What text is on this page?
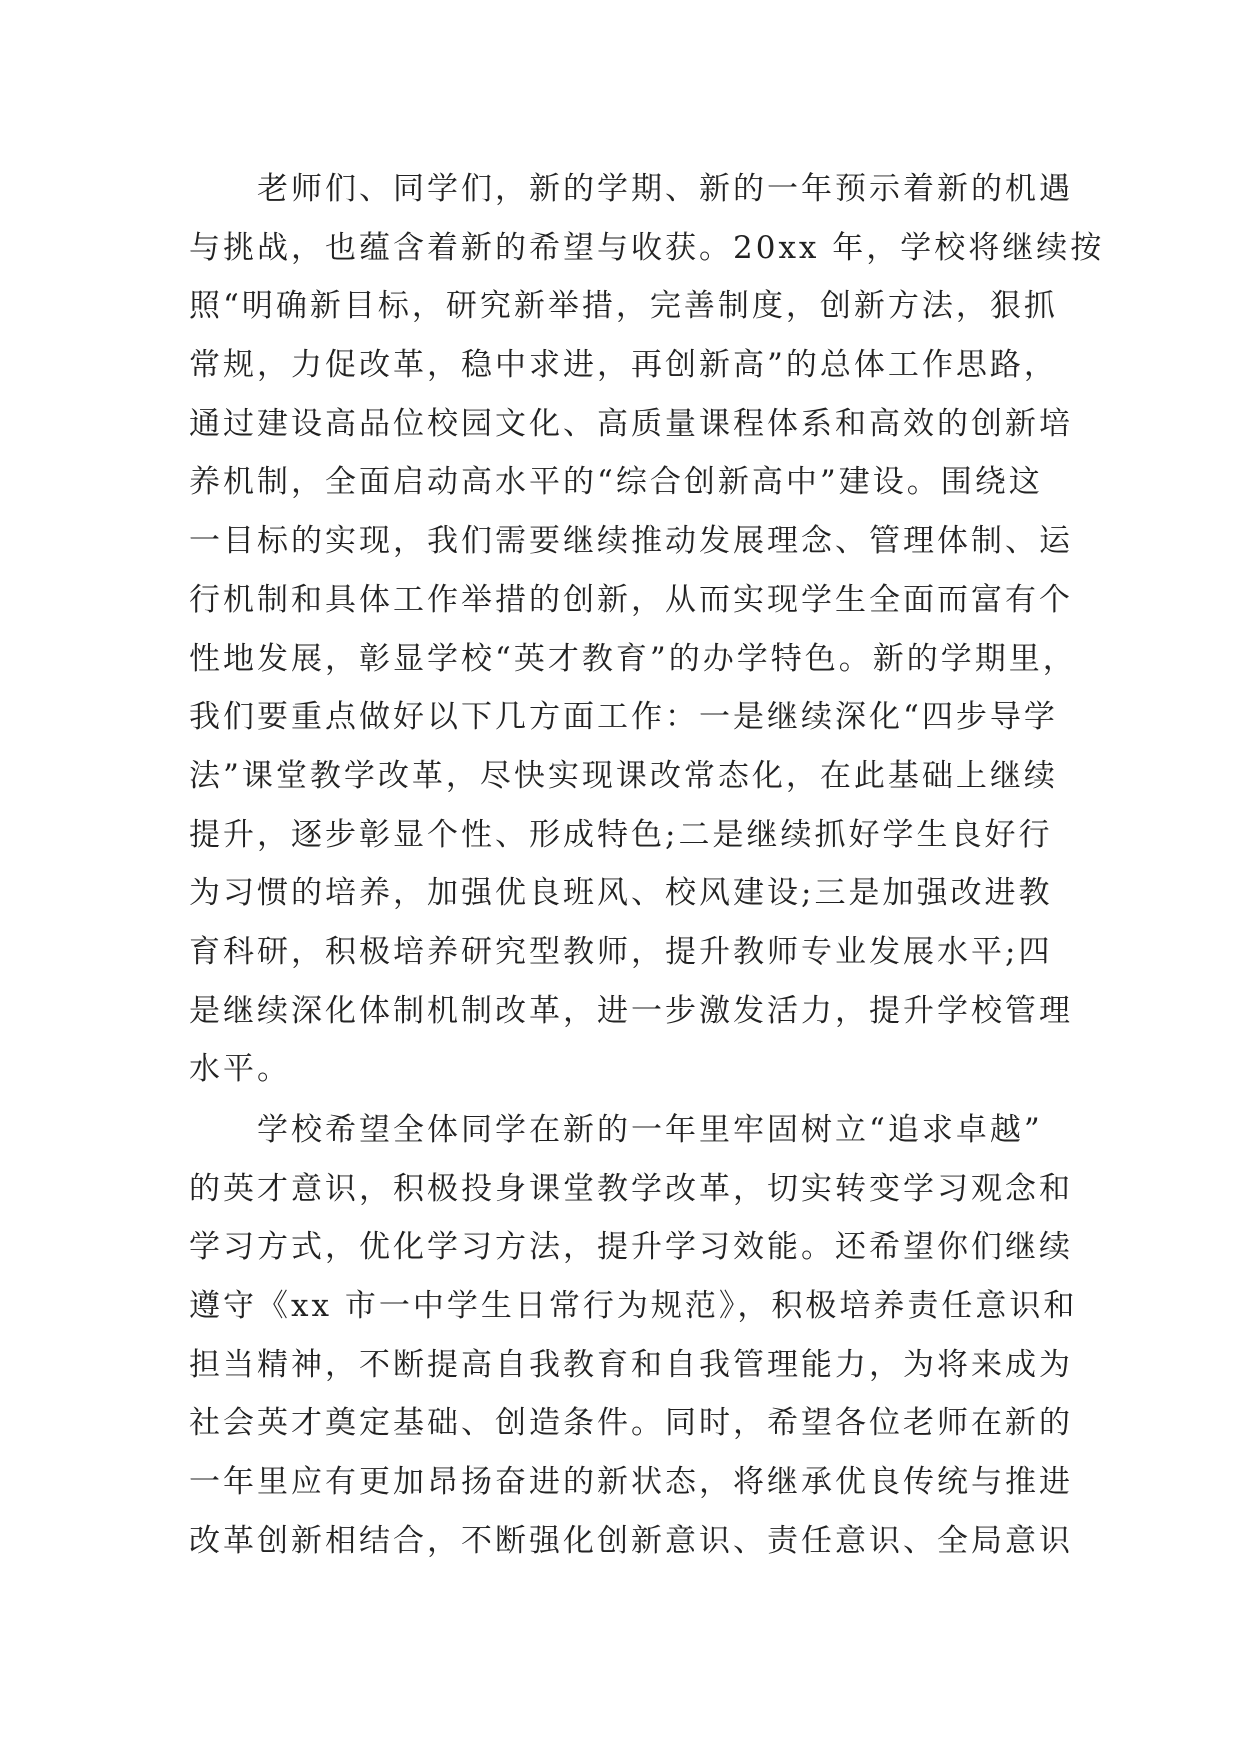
老师们、同学们，新的学期、新的一年预示着新的机遇
与挑战，也蕴含着新的希望与收获。20xx 年，学校将继续按
照“明确新目标，研究新举措，完善制度，创新方法，狠抓
常规，力促改革，稳中求进，再创新高”的总体工作思路，
通过建设高品位校园文化、高质量课程体系和高效的创新培
养机制，全面启动高水平的“综合创新高中”建设。围绕这
一目标的实现，我们需要继续推动发展理念、管理体制、运
行机制和具体工作举措的创新，从而实现学生全面而富有个
性地发展，彰显学校“英才教育”的办学特色。新的学期里，
我们要重点做好以下几方面工作：一是继续深化“四步导学
法”课堂教学改革，尽快实现课改常态化，在此基础上继续
提升，逐步彰显个性、形成特色;二是继续抓好学生良好行
为习惯的培养，加强优良班风、校风建设;三是加强改进教
育科研，积极培养研究型教师，提升教师专业发展水平;四
是继续深化体制机制改革，进一步激发活力，提升学校管理
水平。
学校希望全体同学在新的一年里牢固树立“追求卓越”
的英才意识，积极投身课堂教学改革，切实转变学习观念和
学习方式，优化学习方法，提升学习效能。还希望你们继续
遵守《xx 市一中学生日常行为规范》，积极培养责任意识和
担当精神，不断提高自我教育和自我管理能力，为将来成为
社会英才奠定基础、创造条件。同时，希望各位老师在新的
一年里应有更加昂扬奋进的新状态，将继承优良传统与推进
改革创新相结合，不断强化创新意识、责任意识、全局意识
